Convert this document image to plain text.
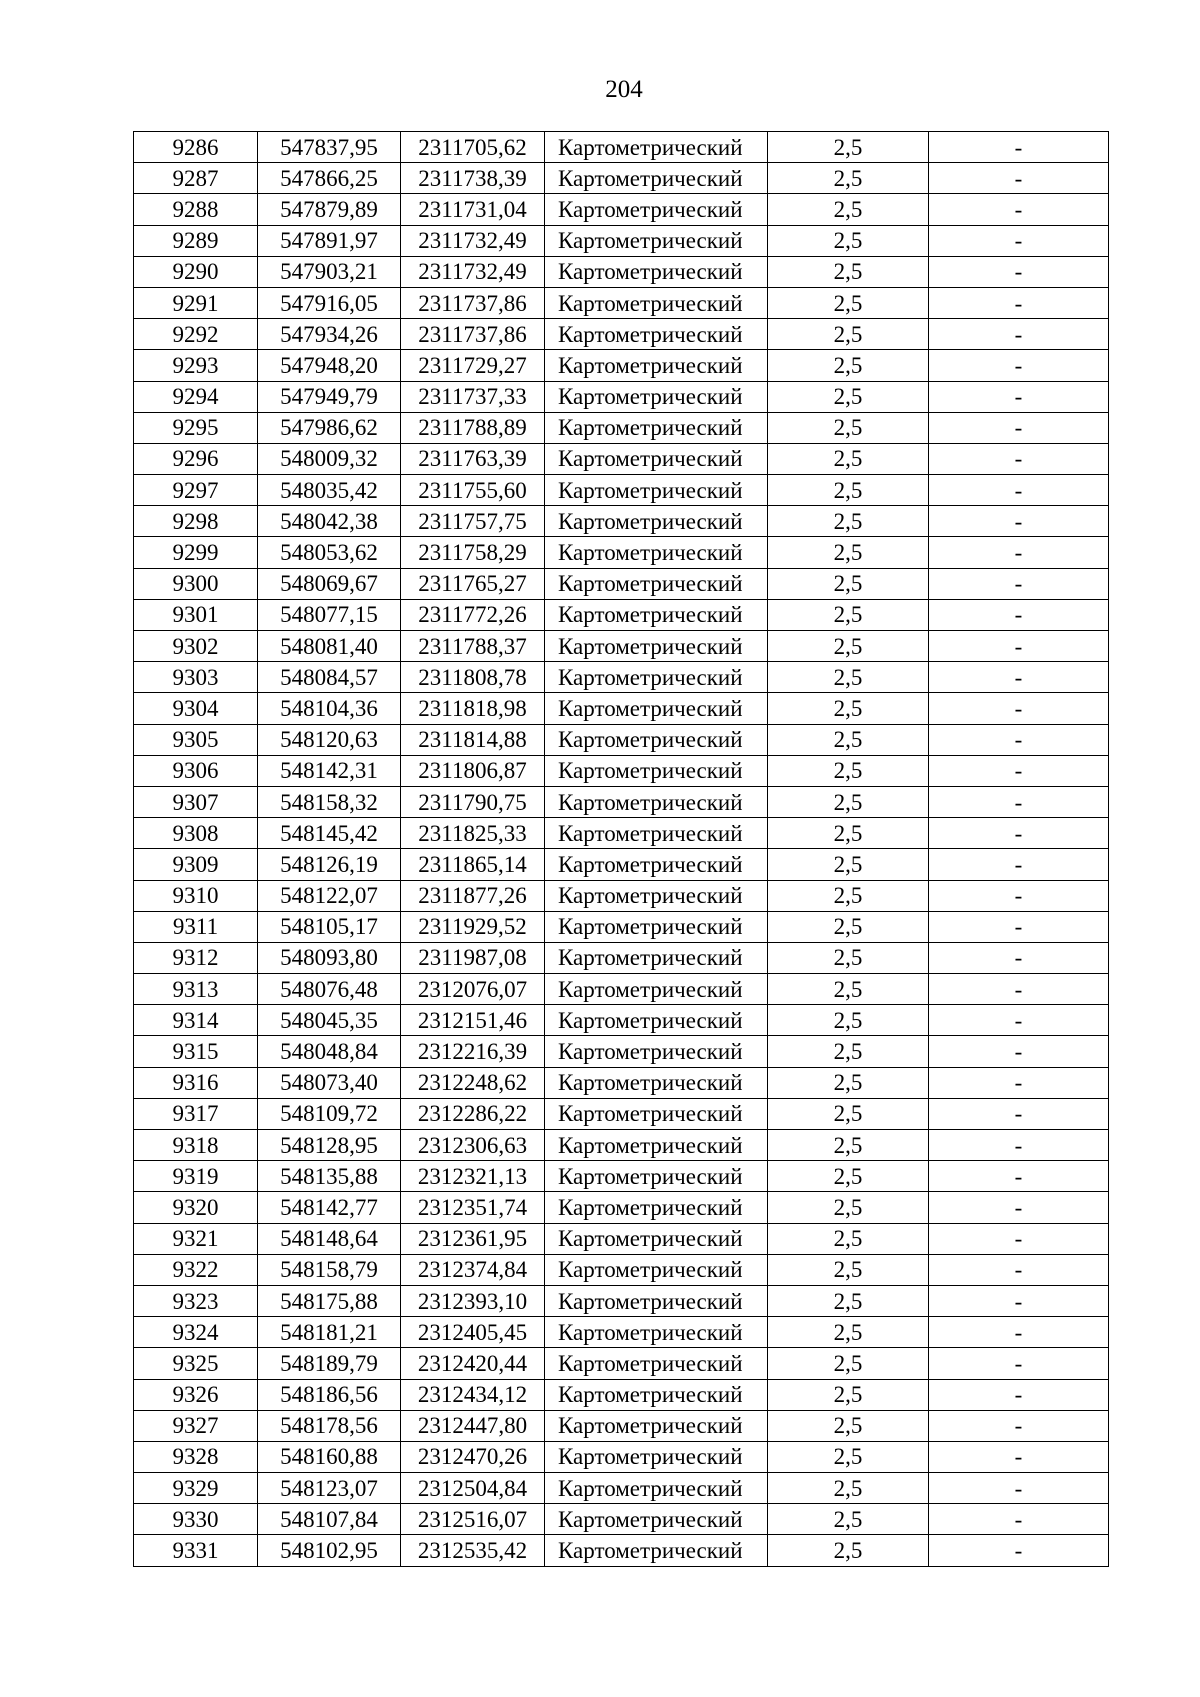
204
9286	547837,95	2311705,62	Картометрический	2,5	-
9287	547866,25	2311738,39	Картометрический	2,5	-
9288	547879,89	2311731,04	Картометрический	2,5	-
9289	547891,97	2311732,49	Картометрический	2,5	-
9290	547903,21	2311732,49	Картометрический	2,5	-
9291	547916,05	2311737,86	Картометрический	2,5	-
9292	547934,26	2311737,86	Картометрический	2,5	-
9293	547948,20	2311729,27	Картометрический	2,5	-
9294	547949,79	2311737,33	Картометрический	2,5	-
9295	547986,62	2311788,89	Картометрический	2,5	-
9296	548009,32	2311763,39	Картометрический	2,5	-
9297	548035,42	2311755,60	Картометрический	2,5	-
9298	548042,38	2311757,75	Картометрический	2,5	-
9299	548053,62	2311758,29	Картометрический	2,5	-
9300	548069,67	2311765,27	Картометрический	2,5	-
9301	548077,15	2311772,26	Картометрический	2,5	-
9302	548081,40	2311788,37	Картометрический	2,5	-
9303	548084,57	2311808,78	Картометрический	2,5	-
9304	548104,36	2311818,98	Картометрический	2,5	-
9305	548120,63	2311814,88	Картометрический	2,5	-
9306	548142,31	2311806,87	Картометрический	2,5	-
9307	548158,32	2311790,75	Картометрический	2,5	-
9308	548145,42	2311825,33	Картометрический	2,5	-
9309	548126,19	2311865,14	Картометрический	2,5	-
9310	548122,07	2311877,26	Картометрический	2,5	-
9311	548105,17	2311929,52	Картометрический	2,5	-
9312	548093,80	2311987,08	Картометрический	2,5	-
9313	548076,48	2312076,07	Картометрический	2,5	-
9314	548045,35	2312151,46	Картометрический	2,5	-
9315	548048,84	2312216,39	Картометрический	2,5	-
9316	548073,40	2312248,62	Картометрический	2,5	-
9317	548109,72	2312286,22	Картометрический	2,5	-
9318	548128,95	2312306,63	Картометрический	2,5	-
9319	548135,88	2312321,13	Картометрический	2,5	-
9320	548142,77	2312351,74	Картометрический	2,5	-
9321	548148,64	2312361,95	Картометрический	2,5	-
9322	548158,79	2312374,84	Картометрический	2,5	-
9323	548175,88	2312393,10	Картометрический	2,5	-
9324	548181,21	2312405,45	Картометрический	2,5	-
9325	548189,79	2312420,44	Картометрический	2,5	-
9326	548186,56	2312434,12	Картометрический	2,5	-
9327	548178,56	2312447,80	Картометрический	2,5	-
9328	548160,88	2312470,26	Картометрический	2,5	-
9329	548123,07	2312504,84	Картометрический	2,5	-
9330	548107,84	2312516,07	Картометрический	2,5	-
9331	548102,95	2312535,42	Картометрический	2,5	-
